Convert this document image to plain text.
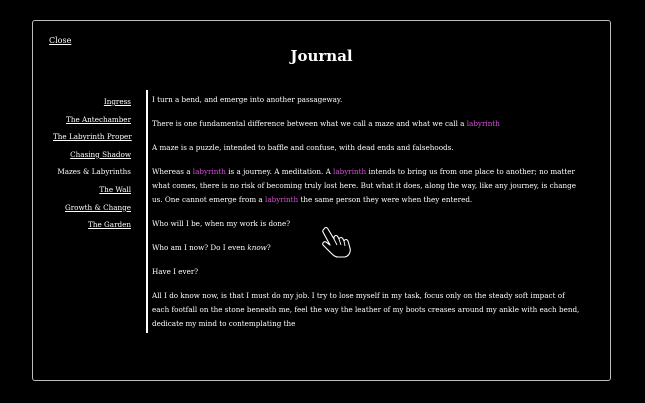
Close
Journal
Ingress
The Antechamber
The Labyrinth Proper
Chasing Shadow
Mazes & Labyrinths
The Wall
Growth & Change
The Garden

I turn a bend, and emerge into another passageway.

There is one fundamental difference between what we call a maze and what we call a labyrinth

A maze is a puzzle, intended to baffle and confuse, with dead ends and falsehoods.

Whereas a labyrinth is a journey. A meditation. A labyrinth intends to bring us from one place to another; no matter what comes, there is no risk of becoming truly lost here. But what it does, along the way, like any journey, is change us. One cannot emerge from a labyrinth the same person they were when they entered.

Who will I be, when my work is done?

Who am I now? Do I even know?

Have I ever?

All I do know now, is that I must do my job. I try to lose myself in my task, focus only on the steady soft impact of each footfall on the stone beneath me, feel the way the leather of my boots creases around my ankle with each bend, dedicate my mind to contemplating the
